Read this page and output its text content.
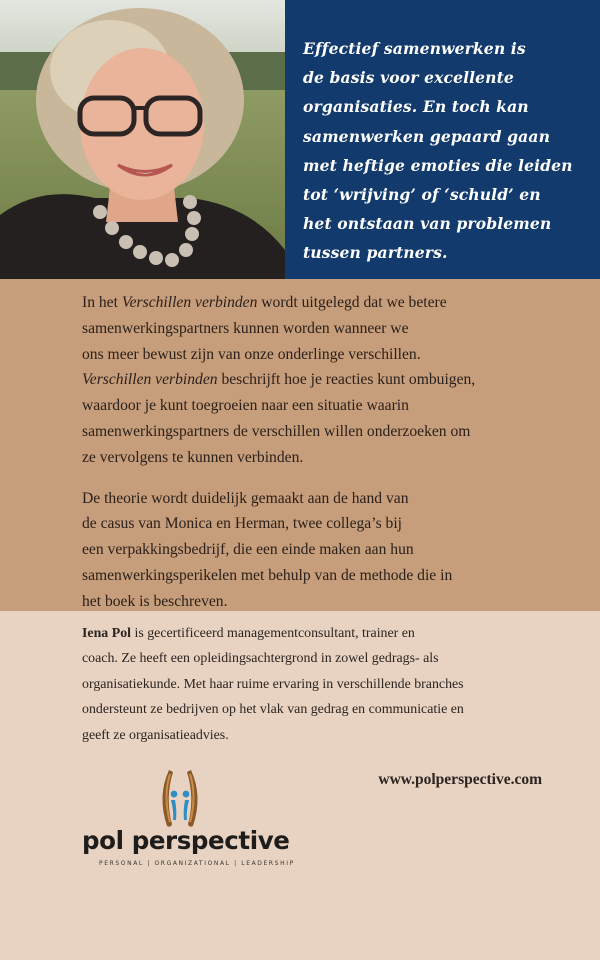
Effectief samenwerken is
de basis voor excellente
organisaties. En toch kan
samenwerken gepaard gaan
met heftige emoties die leiden
tot ‘wrijving’ of ‘schuld’ en
het ontstaan van problemen
tussen partners.

In het Verschillen verbinden wordt uitgelegd dat we betere
samenwerkingspartners kunnen worden wanneer we
ons meer bewust zijn van onze onderlinge verschillen.
Verschillen verbinden beschrijft hoe je reacties kunt ombuigen,
waardoor je kunt toegroeien naar een situatie waarin
samenwerkingspartners de verschillen willen onderzoeken om
ze vervolgens te kunnen verbinden.

De theorie wordt duidelijk gemaakt aan de hand van
de casus van Monica en Herman, twee collega’s bij
een verpakkingsbedrijf, die een einde maken aan hun
samenwerkingsperikelen met behulp van de methode die in
het boek is beschreven.

Iena Pol is gecertificeerd managementconsultant, trainer en
coach. Ze heeft een opleidingsachtergrond in zowel gedrags- als
organisatiekunde. Met haar ruime ervaring in verschillende branches
ondersteunt ze bedrijven op het vlak van gedrag en communicatie en
geeft ze organisatieadvies.

www.polperspective.com
pol perspective
PERSONAL | ORGANIZATIONAL | LEADERSHIP
